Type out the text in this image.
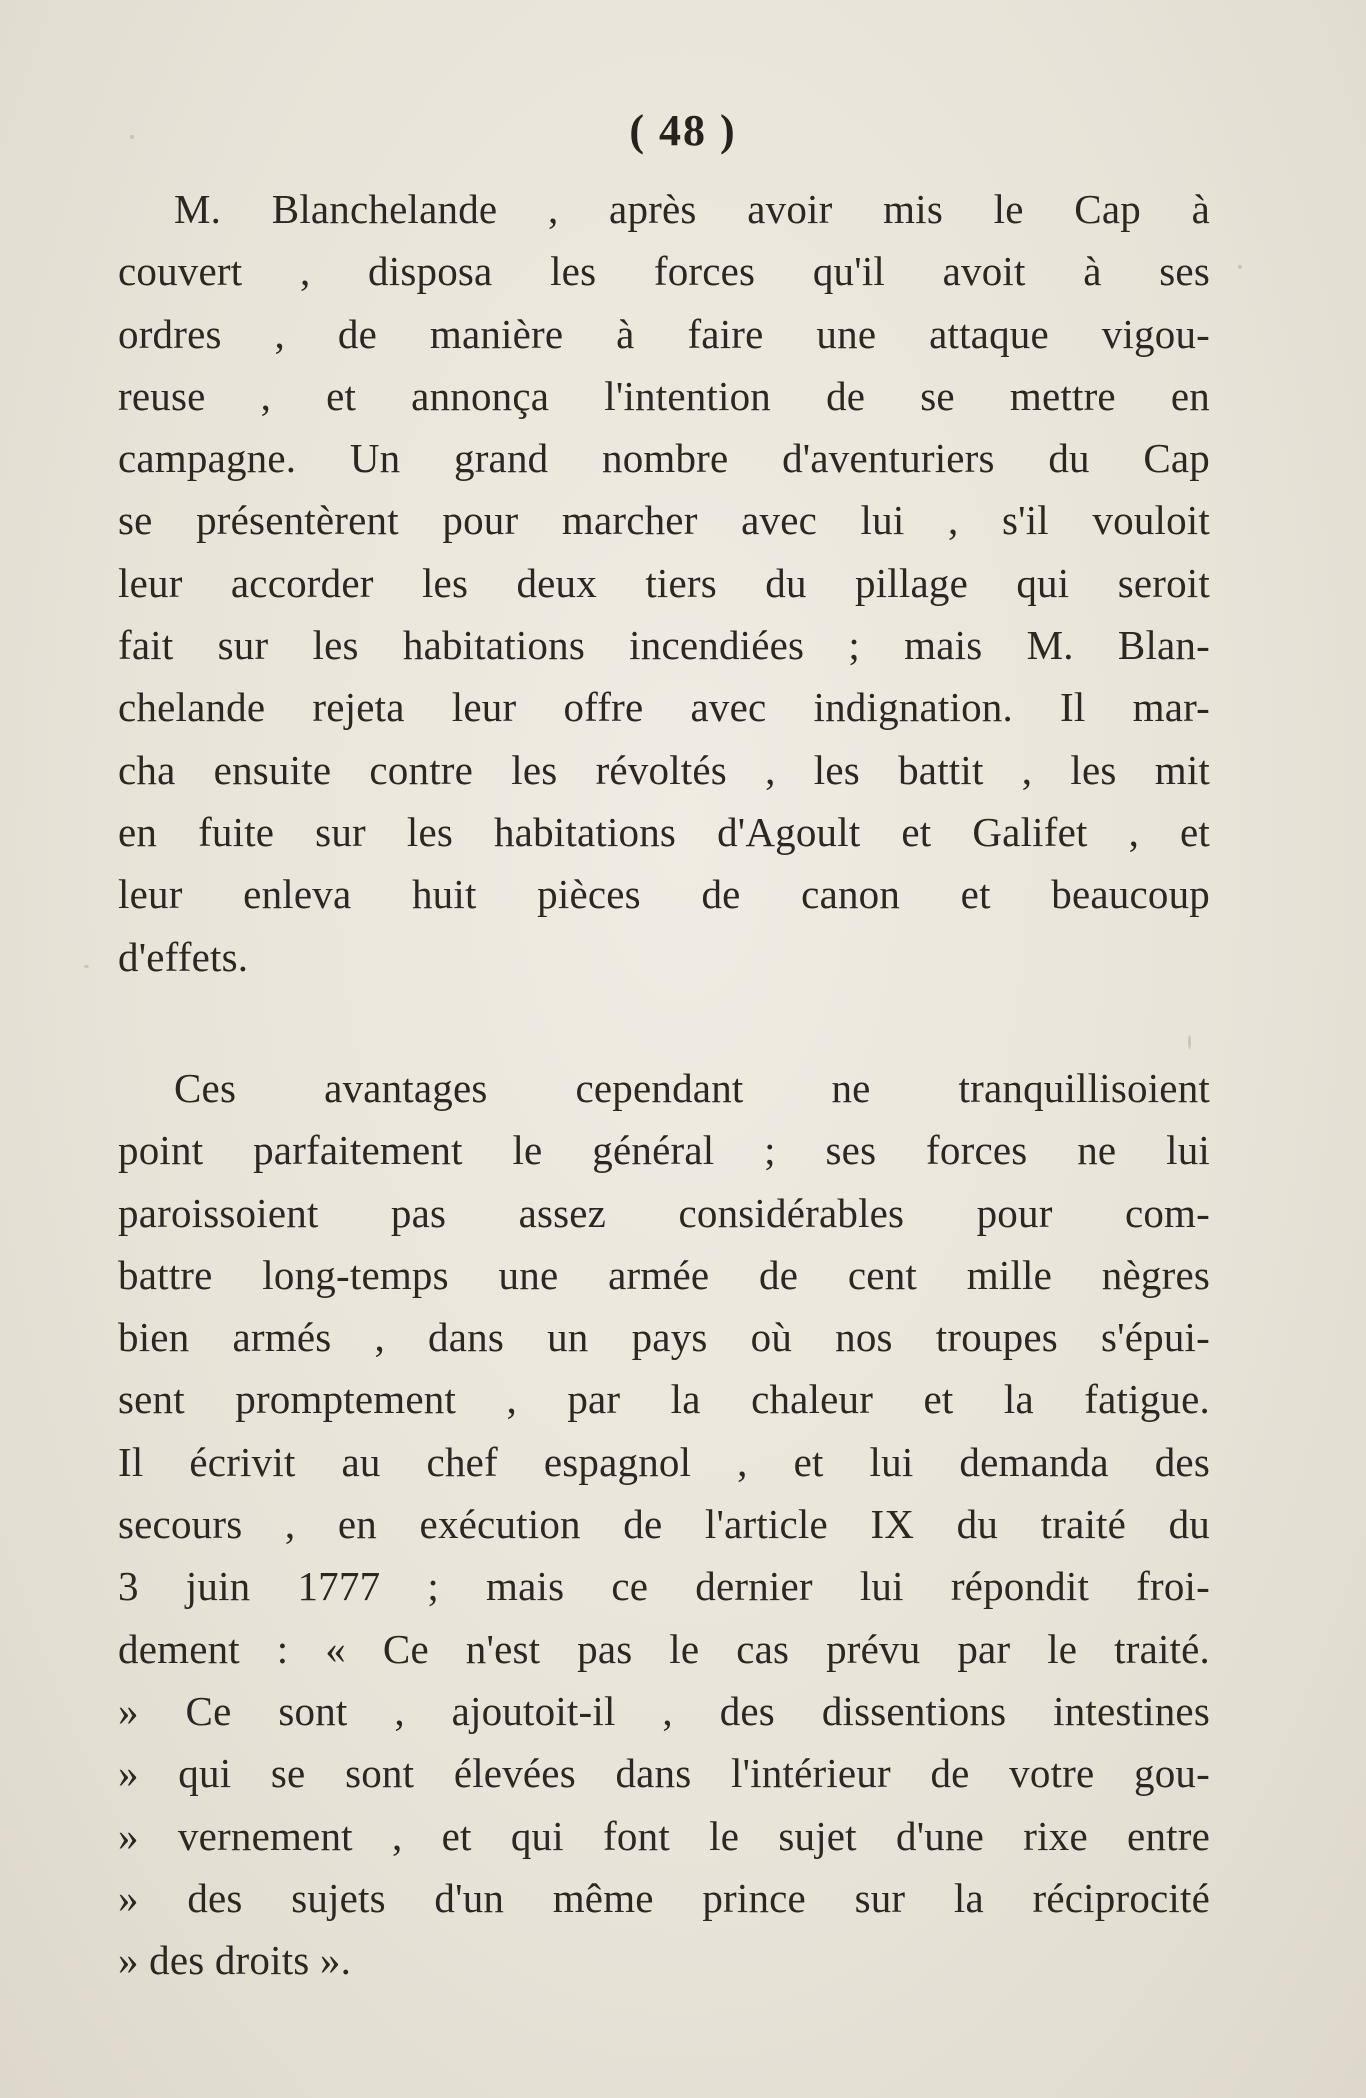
( 48 )
M. Blanchelande , après avoir mis le Cap à
couvert , disposa les forces qu'il avoit à ses
ordres , de manière à faire une attaque vigou-
reuse , et annonça l'intention de se mettre en
campagne. Un grand nombre d'aventuriers du Cap
se présentèrent pour marcher avec lui , s'il vouloit
leur accorder les deux tiers du pillage qui seroit
fait sur les habitations incendiées ; mais M. Blan-
chelande rejeta leur offre avec indignation. Il mar-
cha ensuite contre les révoltés , les battit , les mit
en fuite sur les habitations d'Agoult et Galifet , et
leur enleva huit pièces de canon et beaucoup
d'effets.
Ces avantages cependant ne tranquillisoient
point parfaitement le général ; ses forces ne lui
paroissoient pas assez considérables pour com-
battre long-temps une armée de cent mille nègres
bien armés , dans un pays où nos troupes s'épui-
sent promptement , par la chaleur et la fatigue.
Il écrivit au chef espagnol , et lui demanda des
secours , en exécution de l'article IX du traité du
3 juin 1777 ; mais ce dernier lui répondit froi-
dement : « Ce n'est pas le cas prévu par le traité.
» Ce sont , ajoutoit-il , des dissentions intestines
» qui se sont élevées dans l'intérieur de votre gou-
» vernement , et qui font le sujet d'une rixe entre
» des sujets d'un même prince sur la réciprocité
» des droits ».
